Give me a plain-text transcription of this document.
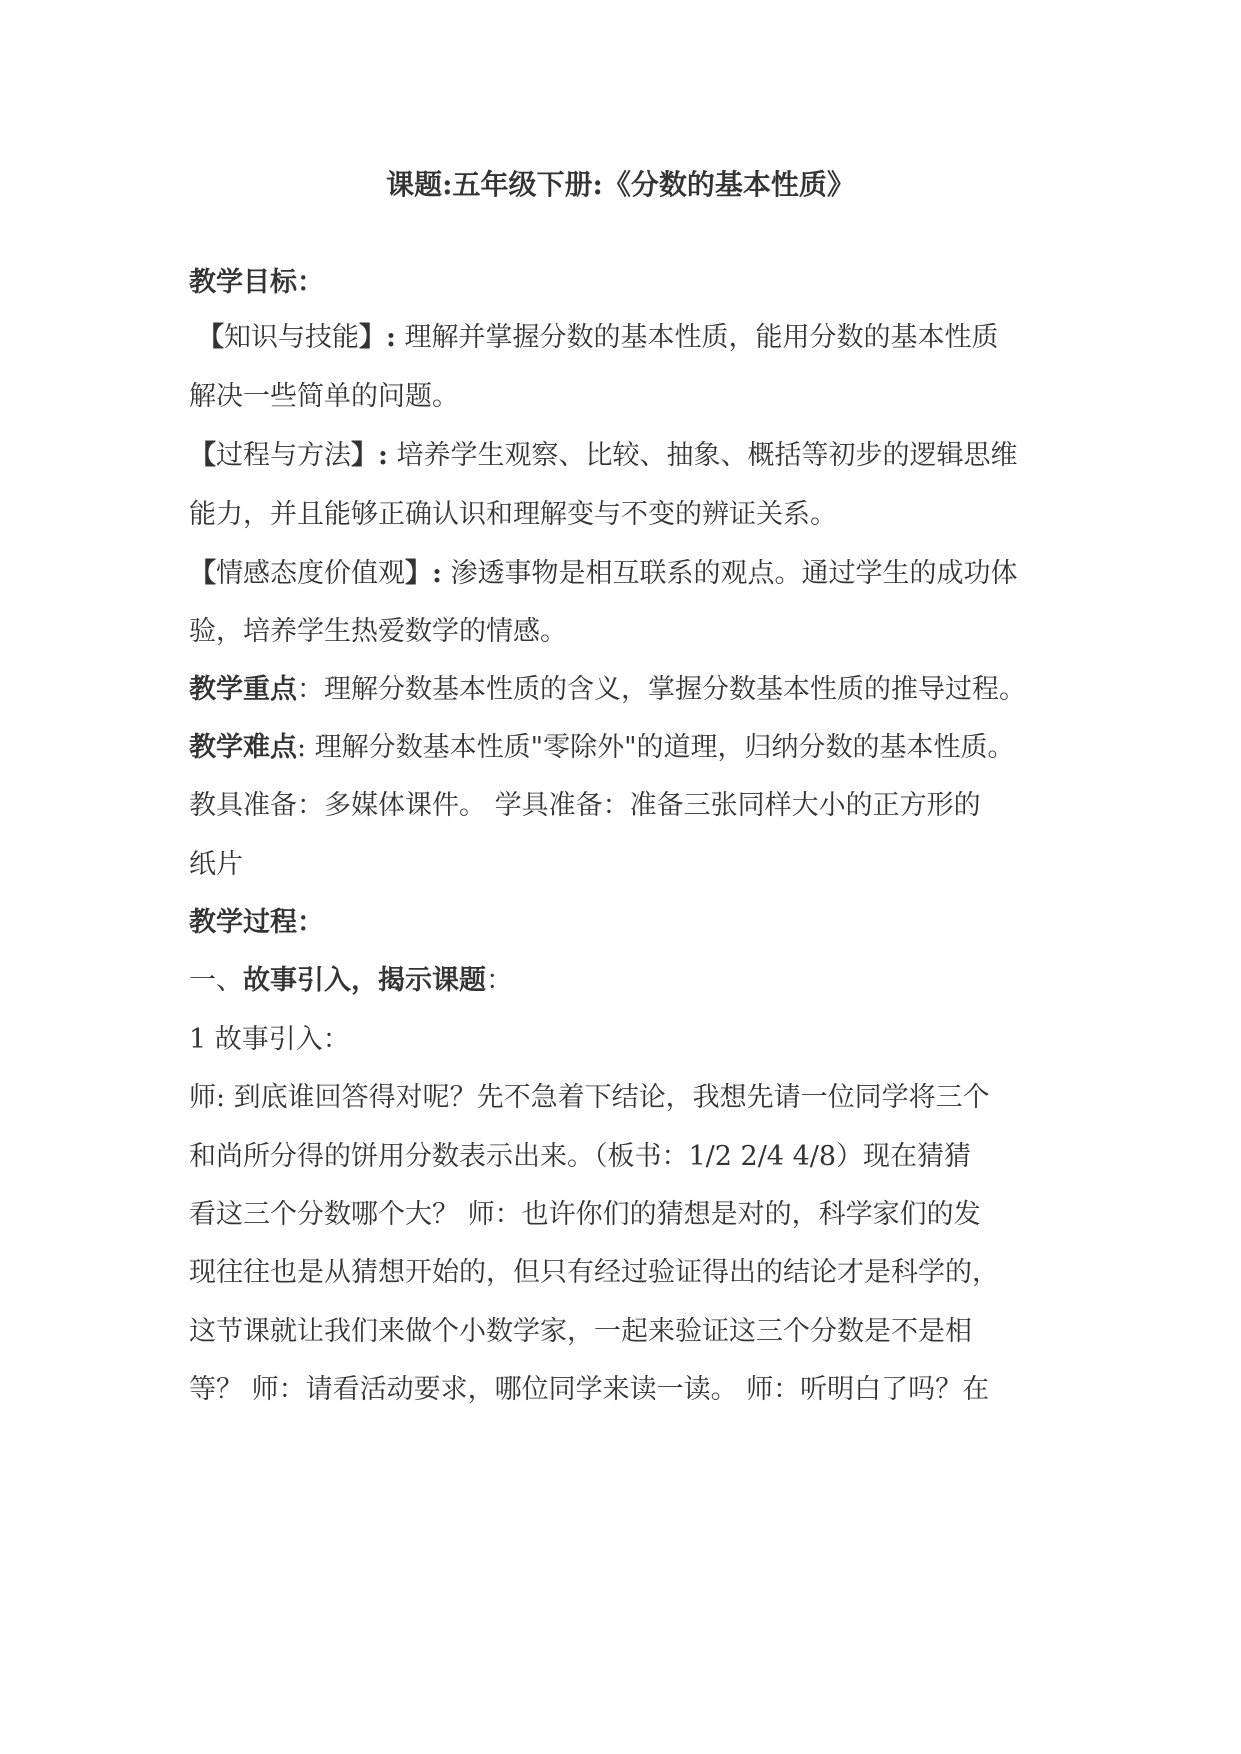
课题:五年级下册:《分数的基本性质》
教学目标：
【知识与技能】: 理解并掌握分数的基本性质，能用分数的基本性质
解决一些简单的问题。
【过程与方法】: 培养学生观察、比较、抽象、概括等初步的逻辑思维
能力，并且能够正确认识和理解变与不变的辨证关系。
【情感态度价值观】: 渗透事物是相互联系的观点。通过学生的成功体
验，培养学生热爱数学的情感。
教学重点：理解分数基本性质的含义，掌握分数基本性质的推导过程。
教学难点: 理解分数基本性质"零除外"的道理，归纳分数的基本性质。
教具准备：多媒体课件。 学具准备：准备三张同样大小的正方形的
纸片
教学过程：
一、故事引入，揭示课题：
1 故事引入：
师: 到底谁回答得对呢？先不急着下结论，我想先请一位同学将三个
和尚所分得的饼用分数表示出来。（板书：1/2 2/4 4/8）现在猜猜
看这三个分数哪个大？ 师：也许你们的猜想是对的，科学家们的发
现往往也是从猜想开始的，但只有经过验证得出的结论才是科学的，
这节课就让我们来做个小数学家，一起来验证这三个分数是不是相
等？ 师：请看活动要求，哪位同学来读一读。 师：听明白了吗？在
